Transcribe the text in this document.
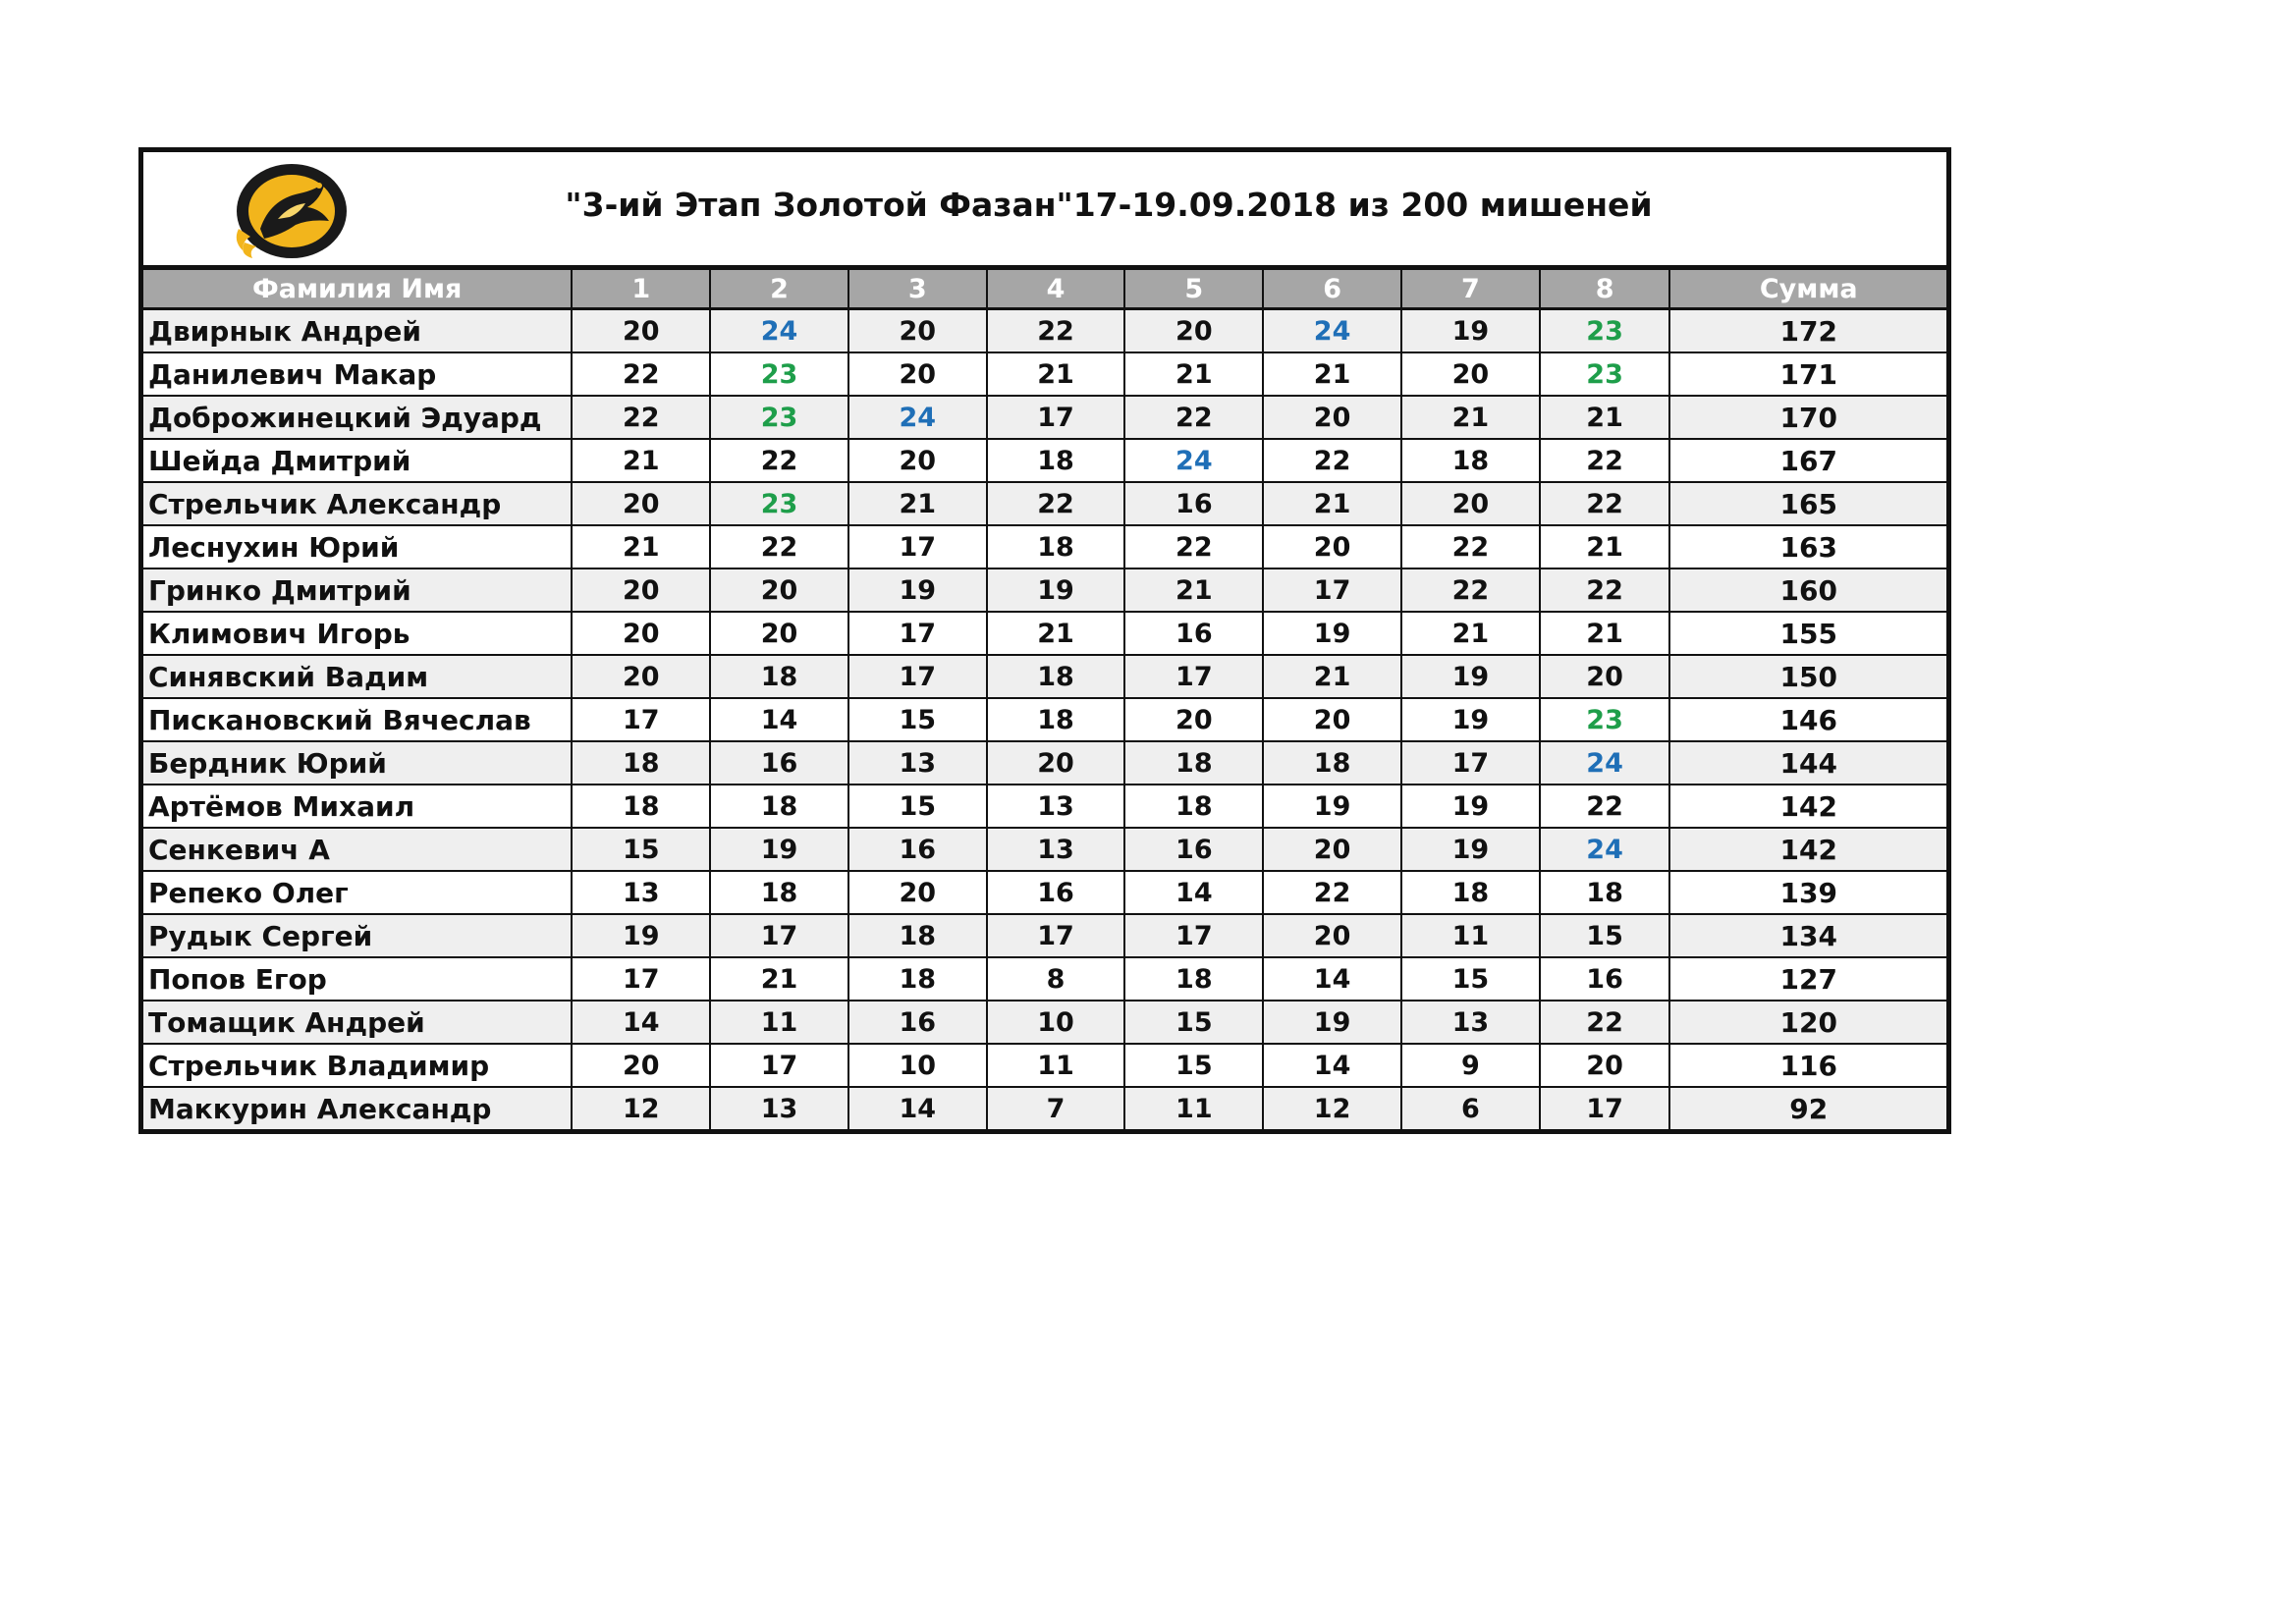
"3-ий Этап Золотой Фазан"17-19.09.2018 из 200 мишеней
Фамилия Имя	1	2	3	4	5	6	7	8	Сумма
Двирнык Андрей	20	24	20	22	20	24	19	23	172
Данилевич Макар	22	23	20	21	21	21	20	23	171
Доброжинецкий Эдуард	22	23	24	17	22	20	21	21	170
Шейда Дмитрий	21	22	20	18	24	22	18	22	167
Стрельчик Александр	20	23	21	22	16	21	20	22	165
Леснухин Юрий	21	22	17	18	22	20	22	21	163
Гринко Дмитрий	20	20	19	19	21	17	22	22	160
Климович Игорь	20	20	17	21	16	19	21	21	155
Синявский Вадим	20	18	17	18	17	21	19	20	150
Пискановский Вячеслав	17	14	15	18	20	20	19	23	146
Бердник Юрий	18	16	13	20	18	18	17	24	144
Артёмов Михаил	18	18	15	13	18	19	19	22	142
Сенкевич А	15	19	16	13	16	20	19	24	142
Репеко Олег	13	18	20	16	14	22	18	18	139
Рудык Сергей	19	17	18	17	17	20	11	15	134
Попов Егор	17	21	18	8	18	14	15	16	127
Томащик Андрей	14	11	16	10	15	19	13	22	120
Стрельчик Владимир	20	17	10	11	15	14	9	20	116
Маккурин Александр	12	13	14	7	11	12	6	17	92
